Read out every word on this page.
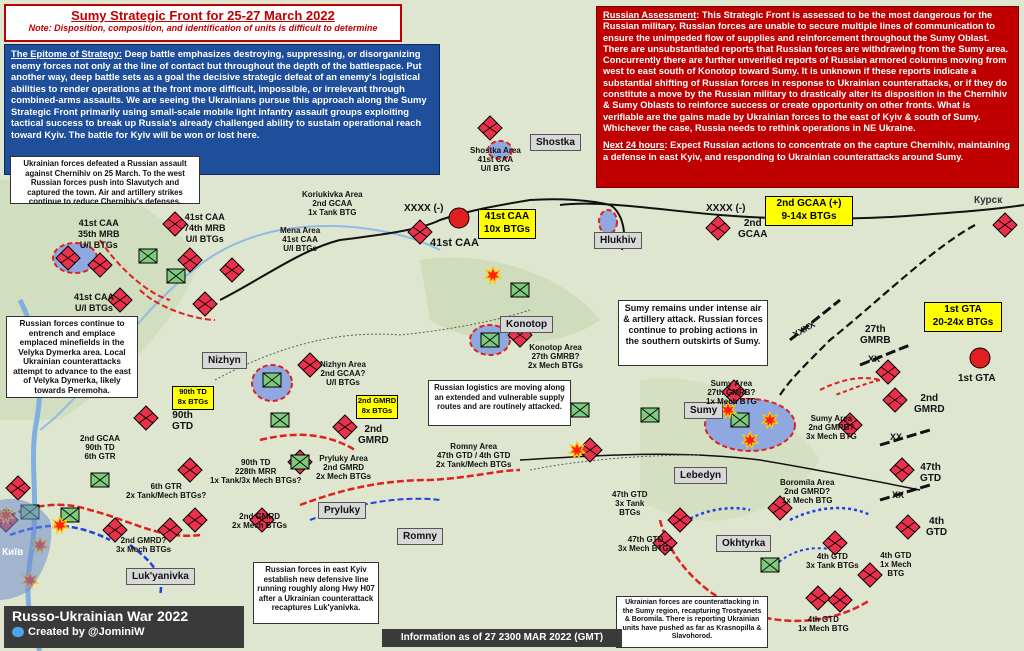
XXXX
XX
XX
XX
Sumy Strategic Front for 25-27 March 2022
Note: Disposition, composition, and identification of units is difficult to determine
The Epitome of Strategy: Deep battle emphasizes destroying, suppressing, or disorganizing enemy forces not only at the line of contact but throughout the depth of the battlespace. Put another way, deep battle sets as a goal the decisive strategic defeat of an enemy's logistical abilities to render operations at the front more difficult, impossible, or irrelevant through combined-arms assaults. We are seeing the Ukrainians pursue this approach along the Sumy Strategic Front primarily using small-scale mobile light infantry assault groups exploiting tactical success to break up Russia's already challenged ability to sustain operational reach toward Kyiv. The battle for Kyiv will be won or lost here.

Russian Assessment: This Strategic Front is assessed to be the most dangerous for the Russian military. Russian forces are unable to secure multiple lines of communication to ensure the unimpeded flow of supplies and reinforcement throughout the Sumy Oblast. There are unsubstantiated reports that Russian forces are withdrawing from the Sumy area. Concurrently there are further unverified reports of Russian armored columns moving from west to east south of Konotop toward Sumy. It is unknown if these reports indicate a substantial shifting of Russian forces in response to Ukrainian counterattacks, or if they do constitute a move by the Russian military to drastically alter its disposition in the Chernihiv & Sumy Oblasts to reinforce success or create opportunity on other fronts. What is verifiable are the gains made by Ukrainian forces to the east of Kyiv & south of Sumy. Whichever the case, Russia needs to rethink operations in NE Ukraine.

Next 24 hours: Expect Russian actions to concentrate on the capture Chernihiv, maintaining a defense in east Kyiv, and responding to Ukrainian counterattacks around Sumy.

Ukrainian forces defeated a Russian assault against Chernihiv on 25 March. To the west Russian forces push into Slavutych and captured the town. Air and artillery strikes continue to reduce Chernihiv's defenses.
Russian forces continue to entrench and emplace emplaced minefields in the Velyka Dymerka area. Local Ukrainian counterattacks attempt to advance to the east of Velyka Dymerka, likely towards Peremoha.	Russian logistics are moving along an extended and vulnerable supply routes and are routinely attacked.
Sumy remains under intense air & artillery attack. Russian forces continue to probing actions in the southern outskirts of Sumy.
Russian forces in east Kyiv establish new defensive line running roughly along Hwy H07 after a Ukrainian counterattack recaptures Luk'yanivka.
Ukrainian forces are counterattacking in the Sumy region, recapturing Trostyanets & Boromila. There is reporting Ukrainian units have pushed as far as Krasnopilla & Slavohorod.
41st CAA
10x BTGs
2nd GCAA (+)
9-14x BTGs
1st GTA
20-24x BTGs
90th TD
8x BTGs	2nd GMRD
8x BTGs
Shostka
Hlukhiv
Konotop
Nizhyn
Sumy
Lebedyn
Okhtyrka
Pryluky
Romny
Luk'yanivka
Курск
Київ
Shostka Area
41st CAA
U/I BTG
Koriukivka Area
2nd GCAA
1x Tank BTG
Mena Area
41st CAA
U/I BTGs
41st CAA
35th MRB
U/I BTGs
41st CAA
74th MRB
U/I BTGs
41st CAA
U/I BTGs
41st CAA
2nd
GCAA
Nizhyn Area
2nd GCAA?
U/I BTGs
Konotop Area
27th GMRB?
2x Mech BTGs
90th
GTD	2nd
GMRD
2nd GCAA
90th TD
6th GTR
90th TD
228th MRR
1x Tank/3x Mech BTGs?
6th GTR
2x Tank/Mech BTGs?
2nd GMRD?
3x Mech BTGs
2nd GMRD
2x Mech BTGs
Pryluky Area
2nd GMRD
2x Mech BTGs
Romny Area
47th GTD / 4th GTD
2x Tank/Mech BTGs
Sumy Area
27th GMRB?
1x Mech BTG
Sumy Area
2nd GMRB?
3x Mech BTG
27th
GMRB
2nd
GMRD
47th
GTD
4th
GTD
1st GTA
Boromila Area
2nd GMRD?
1x Mech BTG
47th GTD
3x Tank
BTGs
47th GTD
3x Mech BTGs
4th GTD
3x Tank BTGs
4th GTD
1x Mech
BTG
4th GTD
1x Mech BTG
XXXX (-)	XXXX (-)
Russo-Ukrainian War 2022
Created by @JominiW	Information as of 27 2300 MAR 2022 (GMT)
